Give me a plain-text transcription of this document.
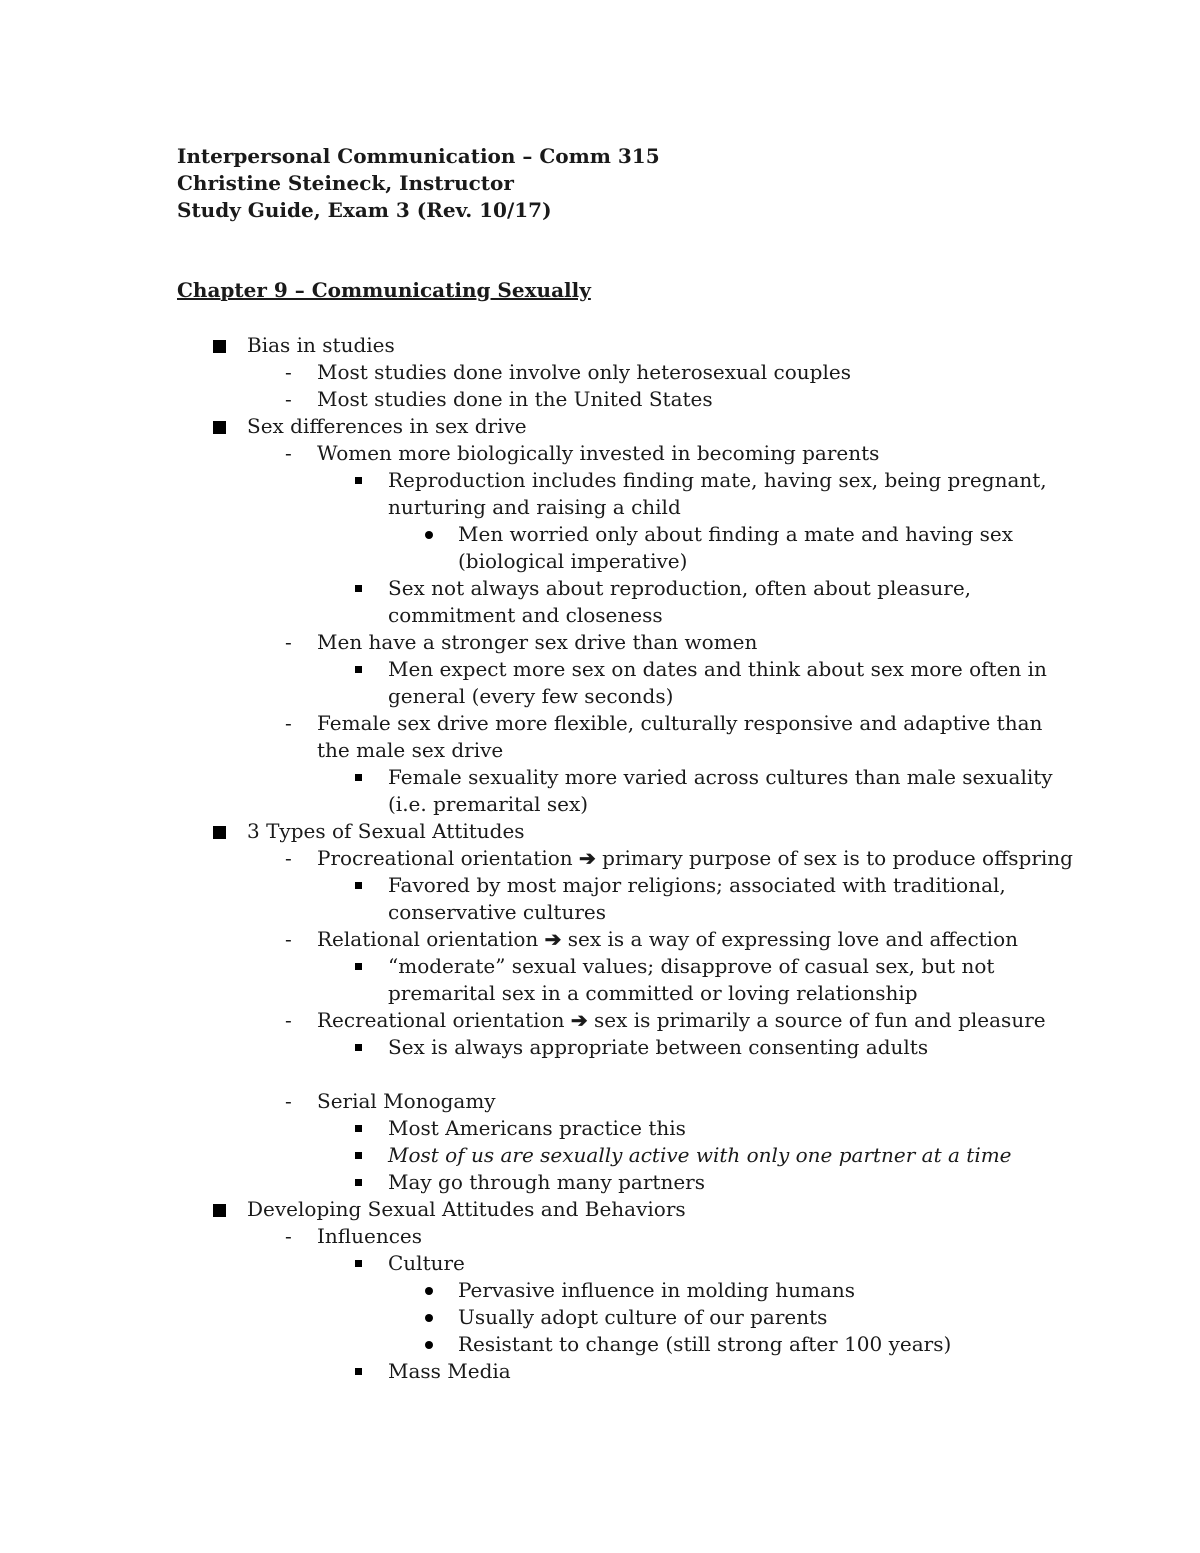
Interpersonal Communication – Comm 315
Christine Steineck, Instructor
Study Guide, Exam 3 (Rev. 10/17)
Chapter 9 – Communicating Sexually
Bias in studies
- Most studies done involve only heterosexual couples
- Most studies done in the United States
Sex differences in sex drive
- Women more biologically invested in becoming parents
Reproduction includes finding mate, having sex, being pregnant,
nurturing and raising a child
Men worried only about finding a mate and having sex
(biological imperative)
Sex not always about reproduction, often about pleasure,
commitment and closeness
- Men have a stronger sex drive than women
Men expect more sex on dates and think about sex more often in
general (every few seconds)
- Female sex drive more flexible, culturally responsive and adaptive than
the male sex drive
Female sexuality more varied across cultures than male sexuality
(i.e. premarital sex)
3 Types of Sexual Attitudes
- Procreational orientation ➔ primary purpose of sex is to produce offspring
Favored by most major religions; associated with traditional,
conservative cultures
- Relational orientation ➔ sex is a way of expressing love and affection
“moderate” sexual values; disapprove of casual sex, but not
premarital sex in a committed or loving relationship
- Recreational orientation ➔ sex is primarily a source of fun and pleasure
Sex is always appropriate between consenting adults
- Serial Monogamy
Most Americans practice this
Most of us are sexually active with only one partner at a time
May go through many partners
Developing Sexual Attitudes and Behaviors
- Influences
Culture
Pervasive influence in molding humans
Usually adopt culture of our parents
Resistant to change (still strong after 100 years)
Mass Media
